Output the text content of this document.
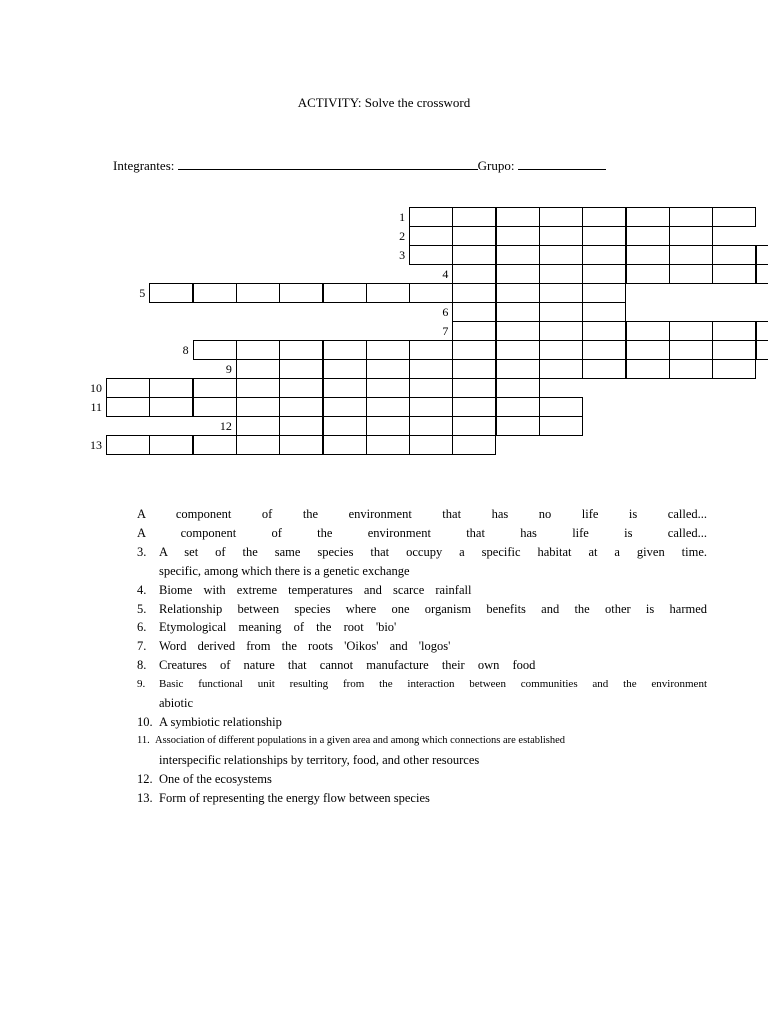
ACTIVITY: Solve the crossword
Integrantes:	Grupo:
1
2
3
4
5
6
7
8
9
10
11
12
13
A component of the environment that has no life is called...
A component of the environment that has life is called...
3.	A set of the same species that occupy a specific habitat at a given time.
specific, among which there is a genetic exchange
4.	Biome with extreme temperatures and scarce rainfall
5.	Relationship between species where one organism benefits and the other is harmed
6.	Etymological meaning of the root 'bio'
7.	Word derived from the roots 'Oikos' and 'logos'
8.	Creatures of nature that cannot manufacture their own food
9.	Basic functional unit resulting from the interaction between communities and the environment
abiotic
10. A symbiotic relationship
11. Association of different populations in a given area and among which connections are established
interspecific relationships by territory, food, and other resources
12. One of the ecosystems
13. Form of representing the energy flow between species
